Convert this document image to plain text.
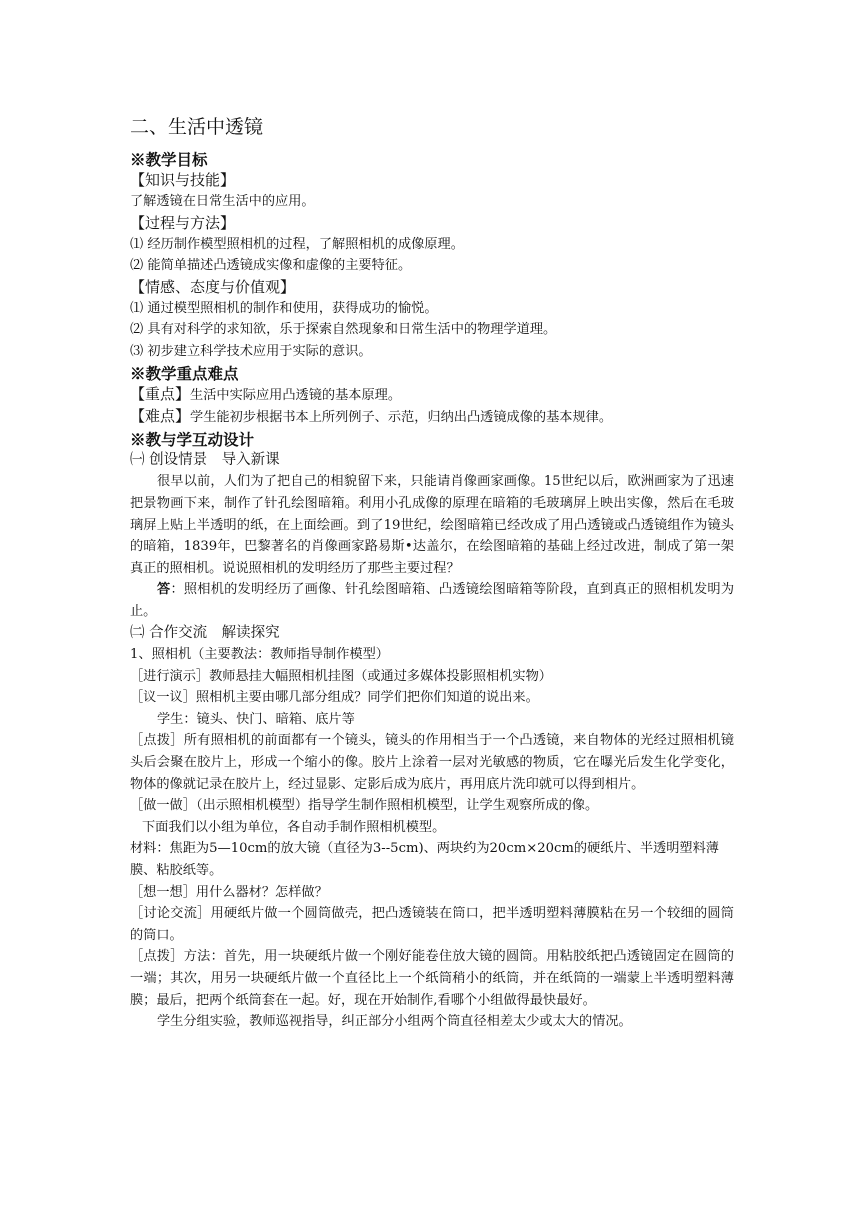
二、生活中透镜
※教学目标
【知识与技能】

了解透镜在日常生活中的应用。

【过程与方法】

⑴ 经历制作模型照相机的过程，了解照相机的成像原理。

⑵ 能简单描述凸透镜成实像和虚像的主要特征。

【情感、态度与价值观】

⑴ 通过模型照相机的制作和使用，获得成功的愉悦。

⑵ 具有对科学的求知欲，乐于探索自然现象和日常生活中的物理学道理。

⑶ 初步建立科学技术应用于实际的意识。

※教学重点难点

【重点】生活中实际应用凸透镜的基本原理。

【难点】学生能初步根据书本上所列例子、示范，归纳出凸透镜成像的基本规律。

※教与学互动设计

㈠ 创设情景　导入新课

很早以前，人们为了把自己的相貌留下来，只能请肖像画家画像。15世纪以后，欧洲画家为了迅速把景物画下来，制作了针孔绘图暗箱。利用小孔成像的原理在暗箱的毛玻璃屏上映出实像，然后在毛玻璃屏上贴上半透明的纸，在上面绘画。到了19世纪，绘图暗箱已经改成了用凸透镜或凸透镜组作为镜头的暗箱，1839年，巴黎著名的肖像画家路易斯•达盖尔，在绘图暗箱的基础上经过改进，制成了第一架真正的照相机。说说照相机的发明经历了那些主要过程？

答：照相机的发明经历了画像、针孔绘图暗箱、凸透镜绘图暗箱等阶段，直到真正的照相机发明为止。

㈡ 合作交流　解读探究

1、照相机（主要教法：教师指导制作模型）

［进行演示］教师悬挂大幅照相机挂图（或通过多媒体投影照相机实物）

［议一议］照相机主要由哪几部分组成？同学们把你们知道的说出来。

学生：镜头、快门、暗箱、底片等

［点拨］所有照相机的前面都有一个镜头，镜头的作用相当于一个凸透镜，来自物体的光经过照相机镜头后会聚在胶片上，形成一个缩小的像。胶片上涂着一层对光敏感的物质，它在曝光后发生化学变化，物体的像就记录在胶片上，经过显影、定影后成为底片，再用底片洗印就可以得到相片。

［做一做］（出示照相机模型）指导学生制作照相机模型，让学生观察所成的像。

下面我们以小组为单位，各自动手制作照相机模型。

材料：焦距为5—10cm的放大镜（直径为3--5cm)、两块约为20cm×20cm的硬纸片、半透明塑料薄膜、粘胶纸等。

［想一想］用什么器材？怎样做？

［讨论交流］用硬纸片做一个圆筒做壳，把凸透镜装在筒口，把半透明塑料薄膜粘在另一个较细的圆筒的筒口。

［点拨］方法：首先，用一块硬纸片做一个刚好能卷住放大镜的圆筒。用粘胶纸把凸透镜固定在圆筒的一端；其次，用另一块硬纸片做一个直径比上一个纸筒稍小的纸筒，并在纸筒的一端蒙上半透明塑料薄膜；最后，把两个纸筒套在一起。好，现在开始制作,看哪个小组做得最快最好。

学生分组实验，教师巡视指导，纠正部分小组两个筒直径相差太少或太大的情况。
